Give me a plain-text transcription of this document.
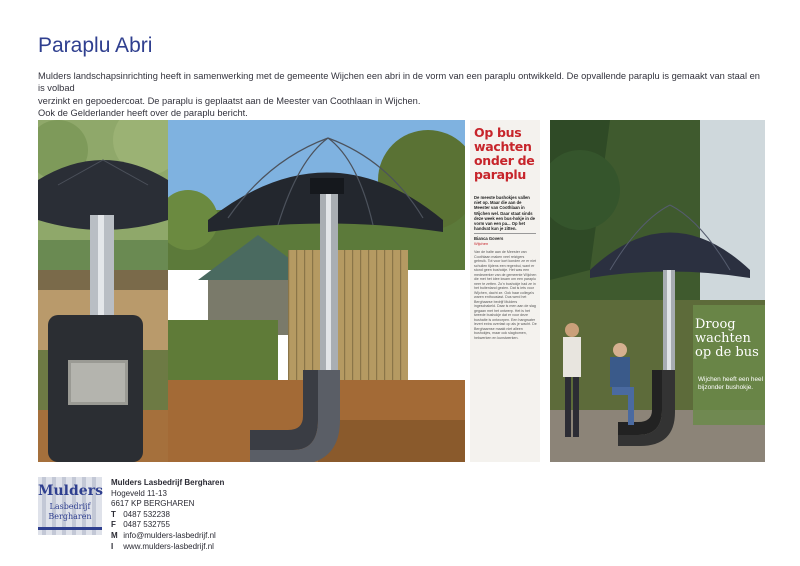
Paraplu Abri

Mulders landschapsinrichting heeft in samenwerking met de gemeente Wijchen een abri in de vorm van een paraplu ontwikkeld. De opvallende paraplu is gemaakt van staal en is volbad

verzinkt en gepoedercoat. De paraplu is geplaatst aan de Meester van Coothlaan in Wijchen.

Ook de Gelderlander heeft over de paraplu bericht.

Op bus wachten onder de paraplu
De meeste bushokjes vallen niet op. Maar die aan de Meester van Coothlaan in Wijchen wel. Daar staat sinds deze week een bus-hokje in de vorm van een pa... Op het handvat kun je zitten.
Bianca Govers
Wijchen
Van de halte aan de Meester van Coothlaan maken veel reizigers gebruik. Tot voor kort konden ze er niet schuilen tijdens een regenbui, want er stond geen bushokje. Het was een medewerker van de gemeente Wijchen die met het idee kwam om een paraplu neer te zetten. Zo'n bushokje had ze in het buitenland gezien. Dat is iets voor Wijchen, dacht ze. Ook haar collega's waren enthousiast. Dus werd het Berghaarse bedrijf Mulders ingeschakeld. Daar is men aan de slag gegaan met het ontwerp. Het is het tweede bushokje dat er voor deze bushalte is ontworpen. Een hangwater levert extra overlast op als je wacht. De Berghaarnse maakt niet alleen bushokjes, maar ook slagbomen, hekwerken en kunstwerken.
Droog wachten op de bus
Wijchen heeft een heel bijzonder bushokje.
Mulders
Lasbedrijf
Bergharen
Mulders Lasbedrijf Bergharen
Hogeveld 11-13
6617 KP BERGHAREN
T 0487 532238
F 0487 532755
M info@mulders-lasbedrijf.nl
I www.mulders-lasbedrijf.nl
